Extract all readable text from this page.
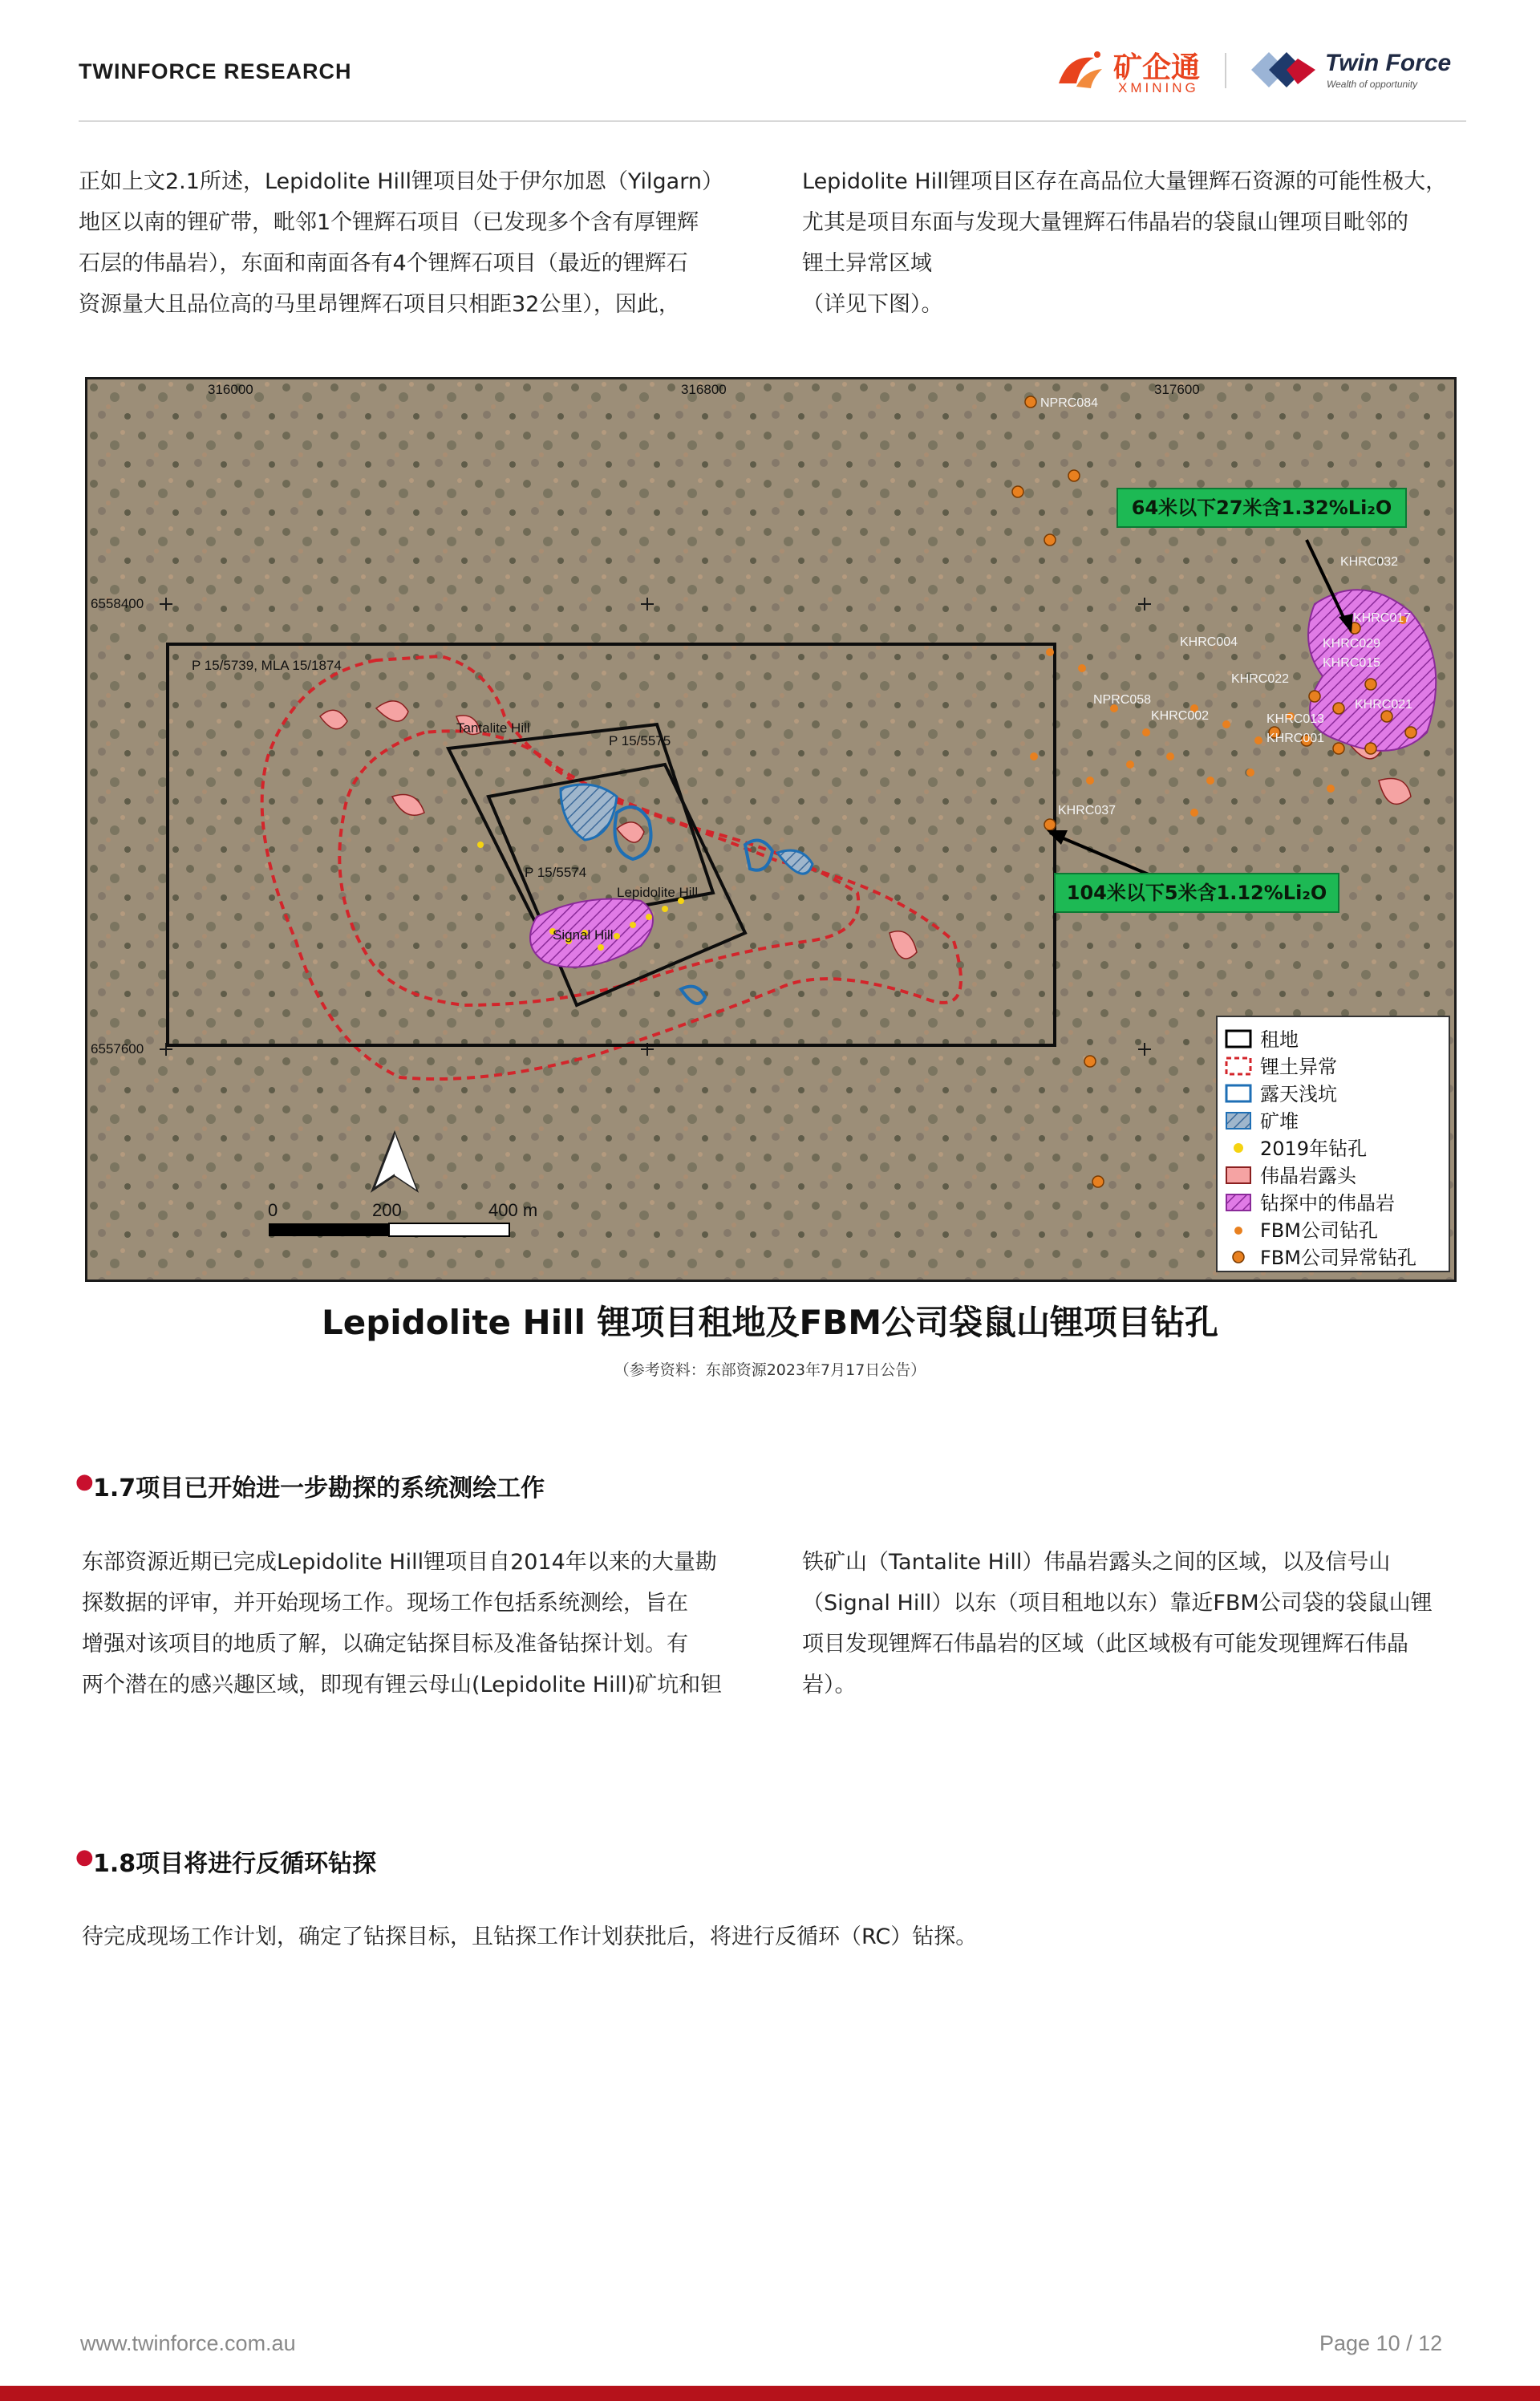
TWINFORCE RESEARCH	矿企通
XMINING
Twin Force
Wealth of opportunity
正如上文2.1所述，Lepidolite Hill锂项目处于伊尔加恩（Yilgarn）
地区以南的锂矿带，毗邻1个锂辉石项目（已发现多个含有厚锂辉
石层的伟晶岩），东面和南面各有4个锂辉石项目（最近的锂辉石
资源量大且品位高的马里昂锂辉石项目只相距32公里），因此，
Lepidolite Hill锂项目区存在高品位大量锂辉石资源的可能性极大，
尤其是项目东面与发现大量锂辉石伟晶岩的袋鼠山锂项目毗邻的
锂土异常区域
（详见下图）。
316000	316800	317600
6558400
6557600
P 15/5739, MLA 15/1874
P 15/5575
P 15/5574
Tantalite Hill
Lepidolite Hill
Signal Hill
NPRC084
KHRC032
KHRC017
KHRC004	KHRC029
KHRC022
KHRC015
NPRC058	KHRC021
KHRC002	KHRC013
KHRC001
KHRC037
64米以下27米含1.32%Li₂O
104米以下5米含1.12%Li₂O
0	200	400 m
租地
锂土异常
露天浅坑
矿堆
2019年钻孔
伟晶岩露头
钻探中的伟晶岩
FBM公司钻孔
FBM公司异常钻孔
Lepidolite Hill 锂项目租地及FBM公司袋鼠山锂项目钻孔
（参考资料：东部资源2023年7月17日公告）
● 1.7项目已开始进一步勘探的系统测绘工作
东部资源近期已完成Lepidolite Hill锂项目自2014年以来的大量勘
探数据的评审，并开始现场工作。现场工作包括系统测绘，旨在
增强对该项目的地质了解，以确定钻探目标及准备钻探计划。有
两个潜在的感兴趣区域，即现有锂云母山(Lepidolite Hill)矿坑和钽
铁矿山（Tantalite Hill）伟晶岩露头之间的区域，以及信号山
（Signal Hill）以东（项目租地以东）靠近FBM公司袋的袋鼠山锂
项目发现锂辉石伟晶岩的区域（此区域极有可能发现锂辉石伟晶
岩）。
● 1.8项目将进行反循环钻探
待完成现场工作计划，确定了钻探目标，且钻探工作计划获批后，将进行反循环（RC）钻探。
www.twinforce.com.au	Page 10 / 12
